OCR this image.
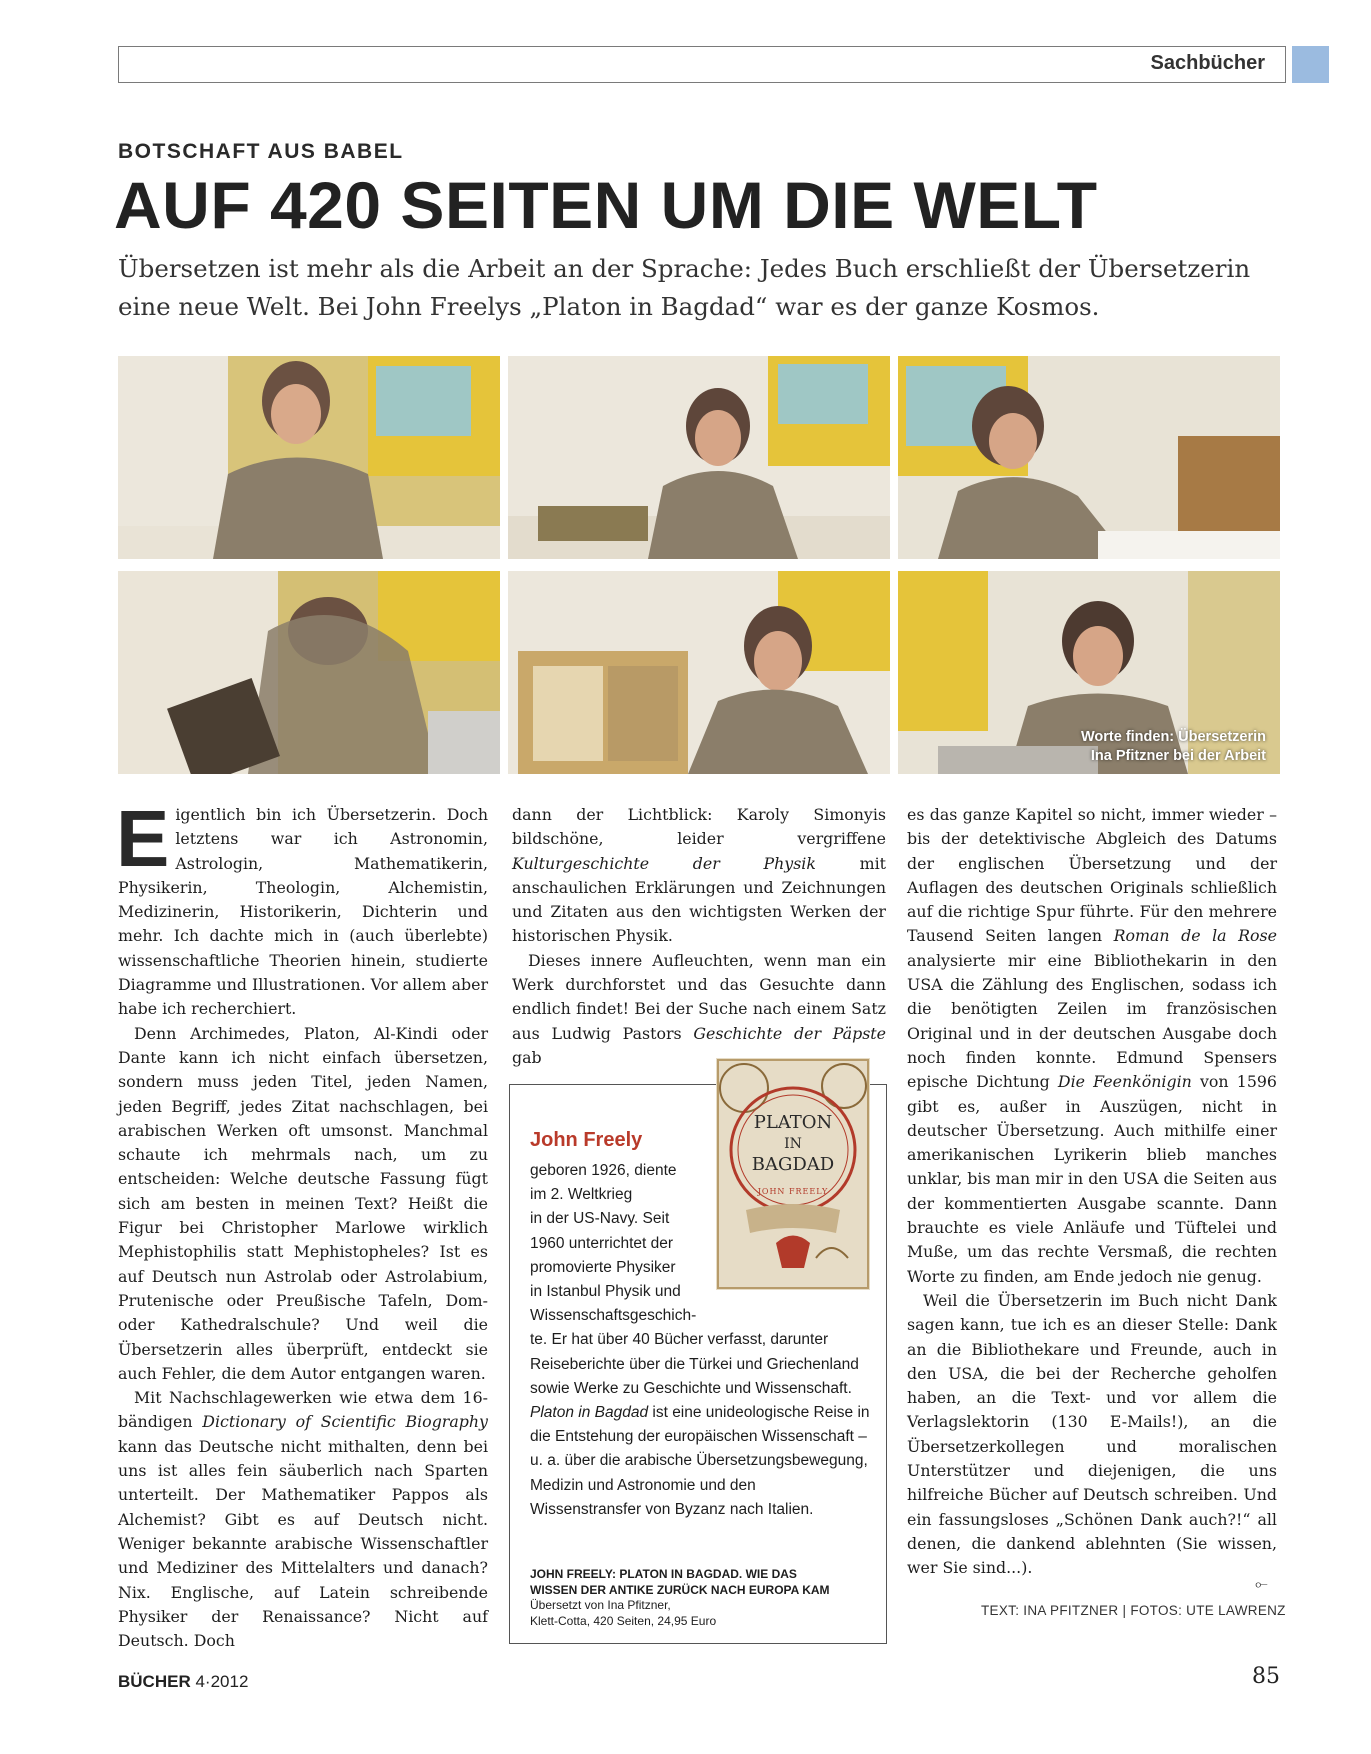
Sachbücher
BOTSCHAFT AUS BABEL
AUF 420 SEITEN UM DIE WELT

Übersetzen ist mehr als die Arbeit an der Sprache: Jedes Buch erschließt der Übersetzerin eine neue Welt. Bei John Freelys „Platon in Bagdad“ war es der ganze Kosmos.

Worte finden: Übersetzerin
Ina Pfitzner bei der Arbeit

Eigentlich bin ich Übersetzerin. Doch letztens war ich Astronomin, Astrologin, Mathematikerin, Physikerin, Theologin, Alchemistin, Medizinerin, Historikerin, Dichterin und mehr. Ich dachte mich in (auch überlebte) wissenschaftliche Theorien hinein, studierte Diagramme und Illustrationen. Vor allem aber habe ich recherchiert.

Denn Archimedes, Platon, Al-Kindi oder Dante kann ich nicht einfach übersetzen, sondern muss jeden Titel, jeden Namen, jeden Begriff, jedes Zitat nachschlagen, bei arabischen Werken oft umsonst. Manchmal schaute ich mehrmals nach, um zu entscheiden: Welche deutsche Fassung fügt sich am besten in meinen Text? Heißt die Figur bei Christopher Marlowe wirklich Mephistophilis statt Mephistopheles? Ist es auf Deutsch nun Astrolab oder Astrolabium, Prutenische oder Preußische Tafeln, Dom- oder Kathedralschule? Und weil die Übersetzerin alles überprüft, entdeckt sie auch Fehler, die dem Autor entgangen waren.

Mit Nachschlagewerken wie etwa dem 16-bändigen Dictionary of Scientific Biography kann das Deutsche nicht mithalten, denn bei uns ist alles fein säuberlich nach Sparten unterteilt. Der Mathematiker Pappos als Alchemist? Gibt es auf Deutsch nicht. Weniger bekannte arabische Wissenschaftler und Mediziner des Mittelalters und danach? Nix. Englische, auf Latein schreibende Physiker der Renaissance? Nicht auf Deutsch. Doch

dann der Lichtblick: Karoly Simonyis bildschöne, leider vergriffene Kulturgeschichte der Physik mit anschaulichen Erklärungen und Zeichnungen und Zitaten aus den wichtigsten Werken der historischen Physik.

Dieses innere Aufleuchten, wenn man ein Werk durchforstet und das Gesuchte dann endlich findet! Bei der Suche nach einem Satz aus Ludwig Pastors Geschichte der Päpste gab

es das ganze Kapitel so nicht, immer wieder – bis der detektivische Abgleich des Datums der englischen Übersetzung und der Auflagen des deutschen Originals schließlich auf die richtige Spur führte. Für den mehrere Tausend Seiten langen Roman de la Rose analysierte mir eine Bibliothekarin in den USA die Zählung des Englischen, sodass ich die benötigten Zeilen im französischen Original und in der deutschen Ausgabe doch noch finden konnte. Edmund Spensers epische Dichtung Die Feenkönigin von 1596 gibt es, außer in Auszügen, nicht in deutscher Übersetzung. Auch mithilfe einer amerikanischen Lyrikerin blieb manches unklar, bis man mir in den USA die Seiten aus der kommentierten Ausgabe scannte. Dann brauchte es viele Anläufe und Tüftelei und Muße, um das rechte Versmaß, die rechten Worte zu finden, am Ende jedoch nie genug.

Weil die Übersetzerin im Buch nicht Dank sagen kann, tue ich es an dieser Stelle: Dank an die Bibliothekare und Freunde, auch in den USA, die bei der Recherche geholfen haben, an die Text- und vor allem die Verlagslektorin (130 E-Mails!), an die Übersetzerkollegen und moralischen Unterstützer und diejenigen, die uns hilfreiche Bücher auf Deutsch schreiben. Und ein fassungsloses „Schönen Dank auch?!“ all denen, die dankend ablehnten (Sie wissen, wer Sie sind...).

John Freely
geboren 1926, diente
im 2. Weltkrieg
in der US-Navy. Seit
1960 unterrichtet der
promovierte Physiker
in Istanbul Physik und
Wissenschaftsgeschich-
te. Er hat über 40 Bücher verfasst, darunter Reiseberichte über die Türkei und Griechenland sowie Werke zu Geschichte und Wissenschaft. Platon in Bagdad ist eine unideologische Reise in die Entstehung der europäischen Wissenschaft – u. a. über die arabische Übersetzungsbewegung, Medizin und Astronomie und den Wissenstransfer von Byzanz nach Italien.
JOHN FREELY: PLATON IN BAGDAD. WIE DAS
WISSEN DER ANTIKE ZURÜCK NACH EUROPA KAM
Übersetzt von Ina Pfitzner,
Klett-Cotta, 420 Seiten, 24,95 Euro
PLATON
IN
BAGDAD
JOHN FREELY
⟜
TEXT: INA PFITZNER | FOTOS: UTE LAWRENZ
BÜCHER 4·2012	85
